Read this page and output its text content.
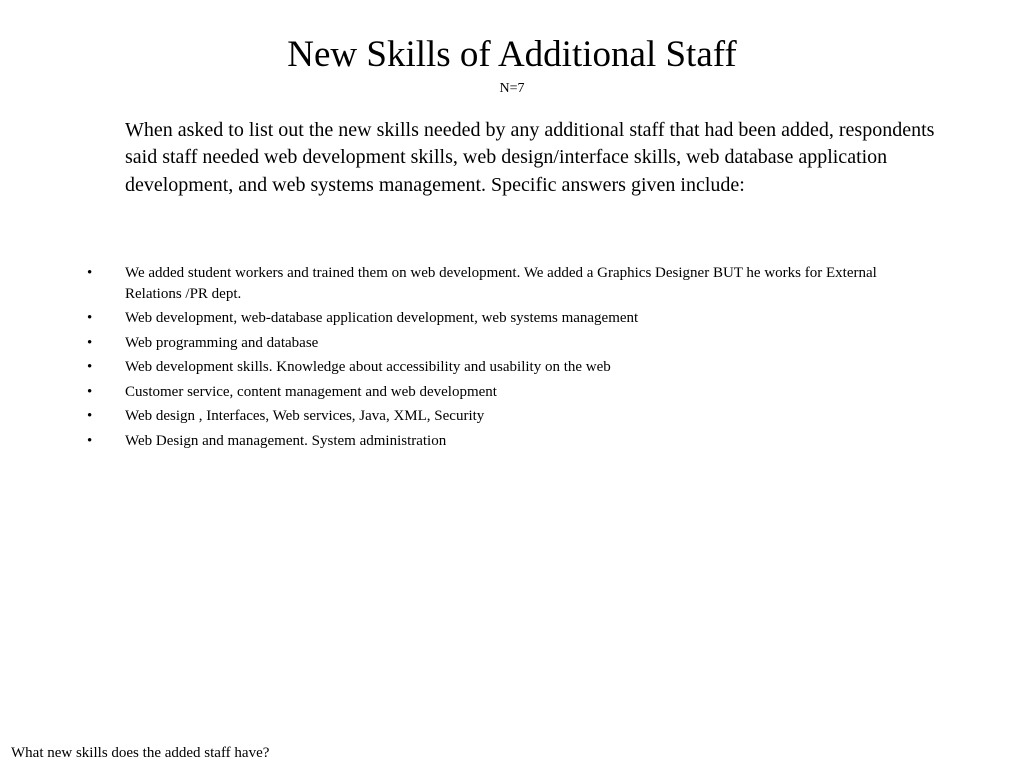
New Skills of Additional Staff
N=7

When asked to list out the new skills needed by any additional staff that had been added, respondents said staff needed web development skills, web design/interface skills, web database application development, and web systems management. Specific answers given include:

• We added student workers and trained them on web development. We added a Graphics Designer BUT he works for External Relations /PR dept.
• Web development, web-database application development, web systems management
• Web programming and database
• Web development skills. Knowledge about accessibility and usability on the web
• Customer service, content management and web development
• Web design , Interfaces, Web services, Java, XML, Security
• Web Design and management. System administration
What new skills does the added staff have?
